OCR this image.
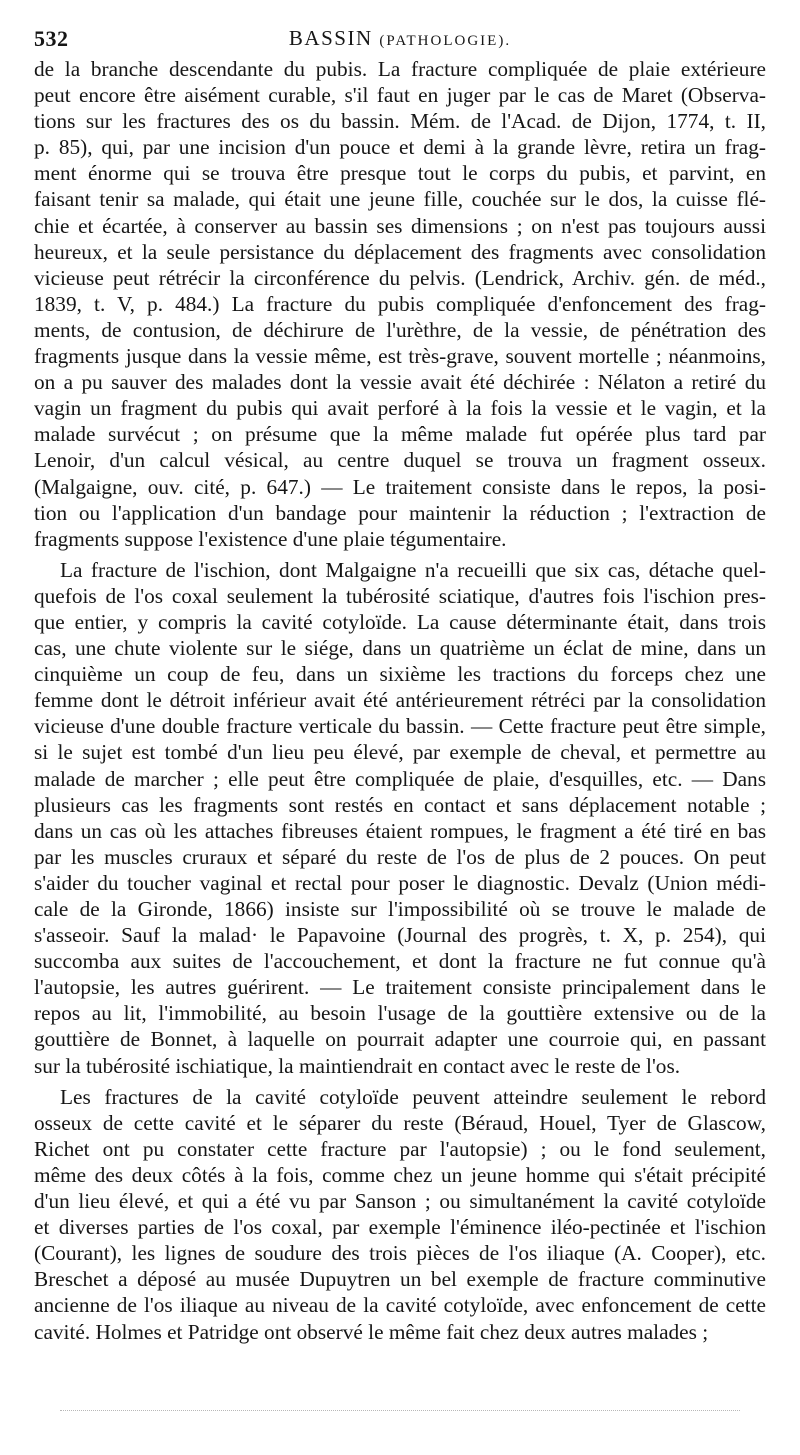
532	BASSIN (PATHOLOGIE).
de la branche descendante du pubis. La fracture compliquée de plaie extérieure
peut encore être aisément curable, s'il faut en juger par le cas de Maret (Observa-
tions sur les fractures des os du bassin. Mém. de l'Acad. de Dijon, 1774, t. II,
p. 85), qui, par une incision d'un pouce et demi à la grande lèvre, retira un frag-
ment énorme qui se trouva être presque tout le corps du pubis, et parvint, en
faisant tenir sa malade, qui était une jeune fille, couchée sur le dos, la cuisse flé-
chie et écartée, à conserver au bassin ses dimensions ; on n'est pas toujours aussi
heureux, et la seule persistance du déplacement des fragments avec consolidation
vicieuse peut rétrécir la circonférence du pelvis. (Lendrick, Archiv. gén. de méd.,
1839, t. V, p. 484.) La fracture du pubis compliquée d'enfoncement des frag-
ments, de contusion, de déchirure de l'urèthre, de la vessie, de pénétration des
fragments jusque dans la vessie même, est très-grave, souvent mortelle ; néanmoins,
on a pu sauver des malades dont la vessie avait été déchirée : Nélaton a retiré du
vagin un fragment du pubis qui avait perforé à la fois la vessie et le vagin, et la
malade survécut ; on présume que la même malade fut opérée plus tard par
Lenoir, d'un calcul vésical, au centre duquel se trouva un fragment osseux.
(Malgaigne, ouv. cité, p. 647.) — Le traitement consiste dans le repos, la posi-
tion ou l'application d'un bandage pour maintenir la réduction ; l'extraction de
fragments suppose l'existence d'une plaie tégumentaire.
La fracture de l'ischion, dont Malgaigne n'a recueilli que six cas, détache quel-
quefois de l'os coxal seulement la tubérosité sciatique, d'autres fois l'ischion pres-
que entier, y compris la cavité cotyloïde. La cause déterminante était, dans trois
cas, une chute violente sur le siége, dans un quatrième un éclat de mine, dans un
cinquième un coup de feu, dans un sixième les tractions du forceps chez une
femme dont le détroit inférieur avait été antérieurement rétréci par la consolidation
vicieuse d'une double fracture verticale du bassin. — Cette fracture peut être simple,
si le sujet est tombé d'un lieu peu élevé, par exemple de cheval, et permettre au
malade de marcher ; elle peut être compliquée de plaie, d'esquilles, etc. — Dans
plusieurs cas les fragments sont restés en contact et sans déplacement notable ;
dans un cas où les attaches fibreuses étaient rompues, le fragment a été tiré en bas
par les muscles cruraux et séparé du reste de l'os de plus de 2 pouces. On peut
s'aider du toucher vaginal et rectal pour poser le diagnostic. Devalz (Union médi-
cale de la Gironde, 1866) insiste sur l'impossibilité où se trouve le malade de
s'asseoir. Sauf la malad· le Papavoine (Journal des progrès, t. X, p. 254), qui
succomba aux suites de l'accouchement, et dont la fracture ne fut connue qu'à
l'autopsie, les autres guérirent. — Le traitement consiste principalement dans le
repos au lit, l'immobilité, au besoin l'usage de la gouttière extensive ou de la
gouttière de Bonnet, à laquelle on pourrait adapter une courroie qui, en passant
sur la tubérosité ischiatique, la maintiendrait en contact avec le reste de l'os.
Les fractures de la cavité cotyloïde peuvent atteindre seulement le rebord
osseux de cette cavité et le séparer du reste (Béraud, Houel, Tyer de Glascow,
Richet ont pu constater cette fracture par l'autopsie) ; ou le fond seulement,
même des deux côtés à la fois, comme chez un jeune homme qui s'était précipité
d'un lieu élevé, et qui a été vu par Sanson ; ou simultanément la cavité cotyloïde
et diverses parties de l'os coxal, par exemple l'éminence iléo-pectinée et l'ischion
(Courant), les lignes de soudure des trois pièces de l'os iliaque (A. Cooper), etc.
Breschet a déposé au musée Dupuytren un bel exemple de fracture comminutive
ancienne de l'os iliaque au niveau de la cavité cotyloïde, avec enfoncement de cette
cavité. Holmes et Patridge ont observé le même fait chez deux autres malades ;
